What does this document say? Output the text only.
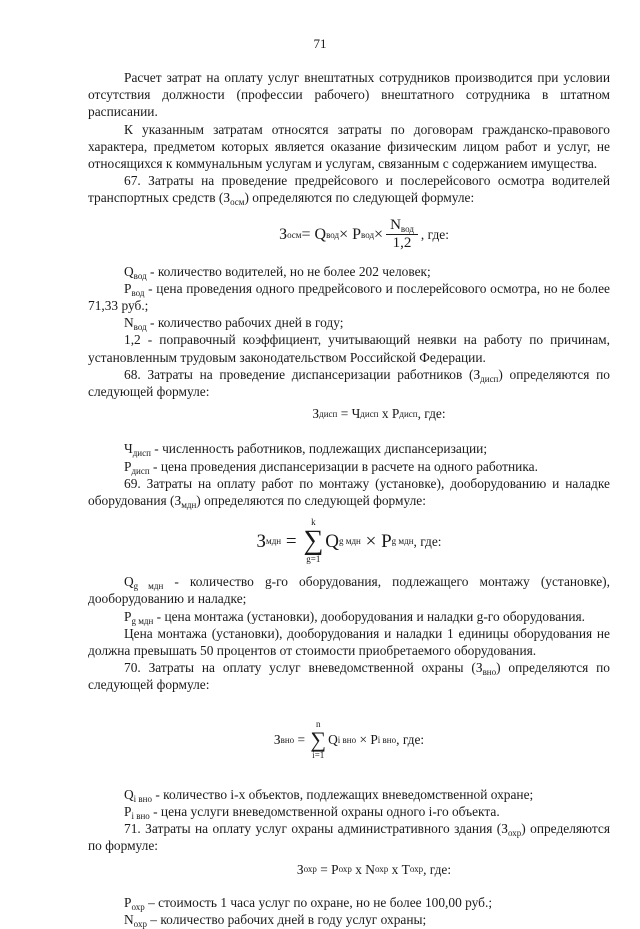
71

Расчет затрат на оплату услуг внештатных сотрудников производится при условии отсутствия должности (профессии рабочего) внештатного сотрудника в штатном расписании.

К указанным затратам относятся затраты по договорам гражданско-правового характера, предметом которых является оказание физическим лицом работ и услуг, не относящихся к коммунальным услугам и услугам, связанным с содержанием имущества.

67. Затраты на проведение предрейсового и послерейсового осмотра водителей транспортных средств $(З_{осм})$ определяются по следующей формуле:

З осм = Q вод × P вод × $\frac{N_{вод}}{1,2}$ , где:

$Q_{вод}$ - количество водителей, но не более 202 человек;

$P_{вод}$ - цена проведения одного предрейсового и послерейсового осмотра, но не более 71,33 руб.;

$N_{вод}$ - количество рабочих дней в году;

1,2 - поправочный коэффициент, учитывающий неявки на работу по причинам, установленным трудовым законодательством Российской Федерации.

68. Затраты на проведение диспансеризации работников $(З_{дисп})$ определяются по следующей формуле:

З дисп = Ч дисп x Р дисп , где:

$Ч_{дисп}$ - численность работников, подлежащих диспансеризации;

$Р_{дисп}$ - цена проведения диспансеризации в расчете на одного работника.

69. Затраты на оплату работ по монтажу (установке), дооборудованию и наладке оборудования $(З_{мдн})$ определяются по следующей формуле:

З мдн =
k
∑
g=1
Q g мдн × P g мдн , где:

$Q_{g мдн}$ - количество g-го оборудования, подлежащего монтажу (установке), дооборудованию и наладке;

$P_{g мдн}$ - цена монтажа (установки), дооборудования и наладки g-го оборудования.

Цена монтажа (установки), дооборудования и наладки 1 единицы оборудования не должна превышать 50 процентов от стоимости приобретаемого оборудования.

70. Затраты на оплату услуг вневедомственной охраны $(З_{вно})$ определяются по следующей формуле:

З вно =
n
∑
i=1
Q i вно × P i вно , где:

$Q_{i вно}$ - количество i-х объектов, подлежащих вневедомственной охране;

$P_{i вно}$ - цена услуги вневедомственной охраны одного i-го объекта.

71. Затраты на оплату услуг охраны административного здания $(З_{охр})$ определяются по формуле:

З охр = Р охр x N охр x Т охр , где:

$Р_{охр}$ – стоимость 1 часа услуг по охране, но не более 100,00 руб.;

$N_{охр}$ – количество рабочих дней в году услуг охраны;
